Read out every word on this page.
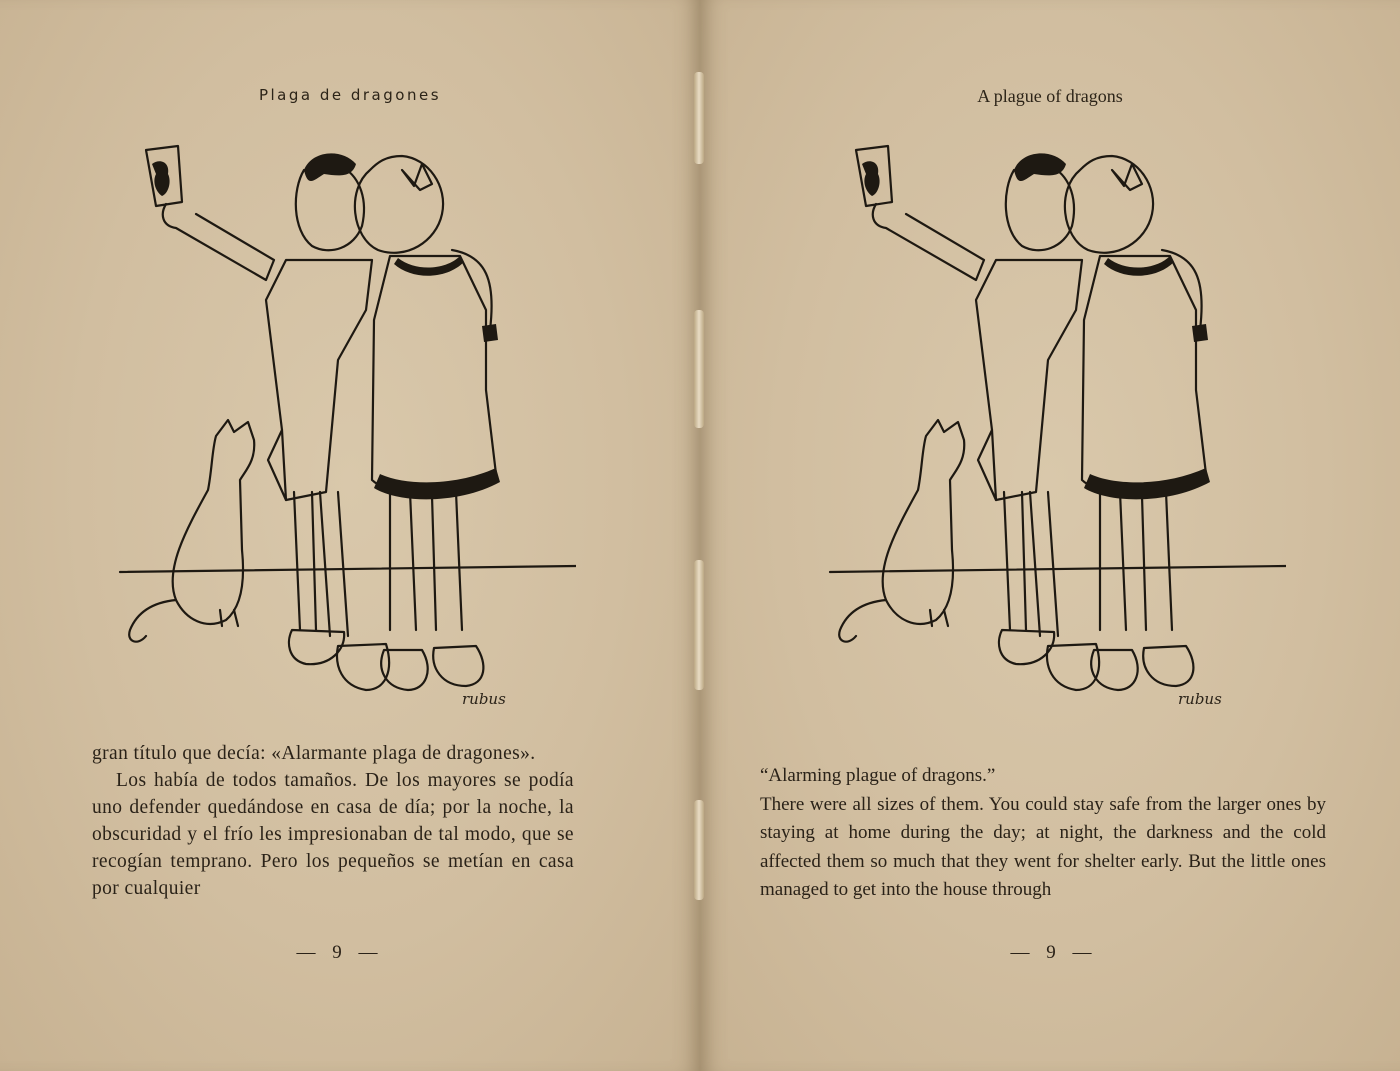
Plaga de dragones
rubus

gran título que decía: «Alarmante plaga de dragones».

Los había de todos tamaños. De los mayores se podía uno defender quedándose en casa de día; por la noche, la obscuridad y el frío les impresionaban de tal modo, que se recogían temprano. Pero los pequeños se metían en casa por cualquier

— 9 —
A plague of dragons
rubus

“Alarming plague of dragons.”

There were all sizes of them. You could stay safe from the larger ones by staying at home during the day; at night, the darkness and the cold affected them so much that they went for shelter early. But the little ones managed to get into the house through

— 9 —
